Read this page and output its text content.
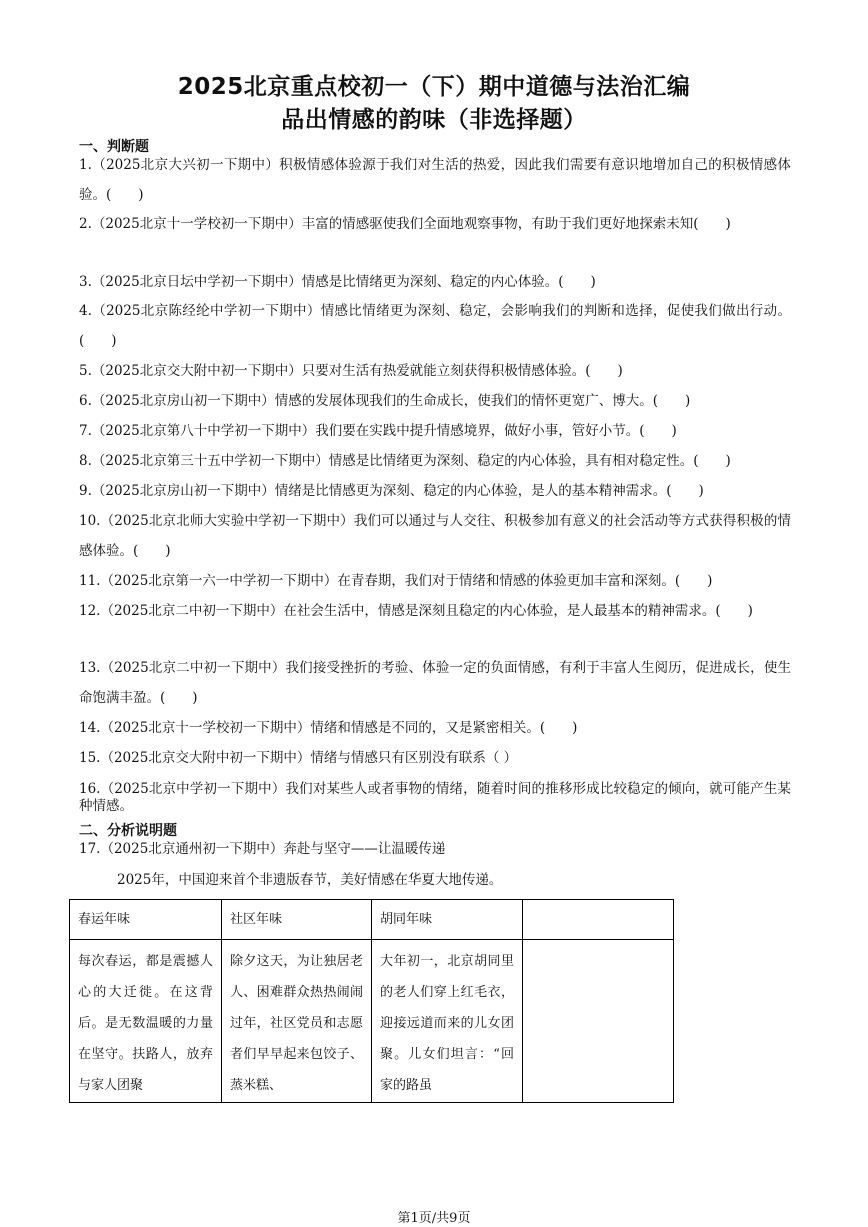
2025北京重点校初一（下）期中道德与法治汇编
品出情感的韵味（非选择题）
一、判断题
1.（2025北京大兴初一下期中）积极情感体验源于我们对生活的热爱，因此我们需要有意识地增加自己的积极情感体验。(　　)
2.（2025北京十一学校初一下期中）丰富的情感驱使我们全面地观察事物，有助于我们更好地探索未知(　　)
3.（2025北京日坛中学初一下期中）情感是比情绪更为深刻、稳定的内心体验。(　　)
4.（2025北京陈经纶中学初一下期中）情感比情绪更为深刻、稳定，会影响我们的判断和选择，促使我们做出行动。(　　)
5.（2025北京交大附中初一下期中）只要对生活有热爱就能立刻获得积极情感体验。(　　)
6.（2025北京房山初一下期中）情感的发展体现我们的生命成长，使我们的情怀更宽广、博大。(　　)
7.（2025北京第八十中学初一下期中）我们要在实践中提升情感境界，做好小事，管好小节。(　　)
8.（2025北京第三十五中学初一下期中）情感是比情绪更为深刻、稳定的内心体验，具有相对稳定性。(　　)
9.（2025北京房山初一下期中）情绪是比情感更为深刻、稳定的内心体验，是人的基本精神需求。(　　)
10.（2025北京北师大实验中学初一下期中）我们可以通过与人交往、积极参加有意义的社会活动等方式获得积极的情感体验。(　　)
11.（2025北京第一六一中学初一下期中）在青春期，我们对于情绪和情感的体验更加丰富和深刻。(　　)
12.（2025北京二中初一下期中）在社会生活中，情感是深刻且稳定的内心体验，是人最基本的精神需求。(　　)
13.（2025北京二中初一下期中）我们接受挫折的考验、体验一定的负面情感，有利于丰富人生阅历，促进成长，使生命饱满丰盈。(　　)
14.（2025北京十一学校初一下期中）情绪和情感是不同的，又是紧密相关。(　　)
15.（2025北京交大附中初一下期中）情绪与情感只有区别没有联系（ ）
16.（2025北京中学初一下期中）我们对某些人或者事物的情绪，随着时间的推移形成比较稳定的倾向，就可能产生某种情感。
二、分析说明题
17.（2025北京通州初一下期中）奔赴与坚守——让温暖传递
2025年，中国迎来首个非遗版春节，美好情感在华夏大地传递。
春运年味	社区年味	胡同年味	

每次春运，都是震撼人心的大迁徙。在这背后。是无数温暖的力量在坚守。扶路人，放弃与家人团聚	除夕这天，为让独居老人、困难群众热热闹闹过年，社区党员和志愿者们早早起来包饺子、蒸米糕、	大年初一，北京胡同里的老人们穿上红毛衣，迎接远道而来的儿女团聚。儿女们坦言：“回家的路虽	

第1页/共9页
